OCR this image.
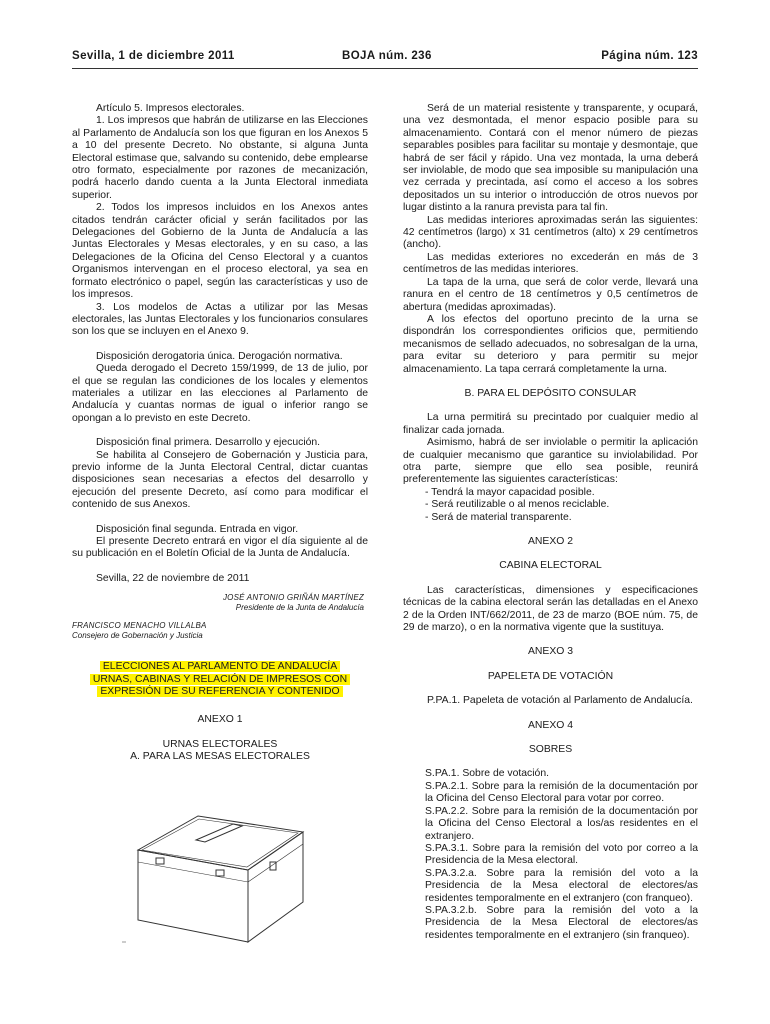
Sevilla, 1 de diciembre 2011	BOJA núm. 236	Página núm. 123

Artículo 5. Impresos electorales.

1. Los impresos que habrán de utilizarse en las Elecciones al Parlamento de Andalucía son los que figuran en los Anexos 5 a 10 del presente Decreto. No obstante, si alguna Junta Electoral estimase que, salvando su contenido, debe emplearse otro formato, especialmente por razones de mecanización, podrá hacerlo dando cuenta a la Junta Electoral inmediata superior.

2. Todos los impresos incluidos en los Anexos antes citados tendrán carácter oficial y serán facilitados por las Delegaciones del Gobierno de la Junta de Andalucía a las Juntas Electorales y Mesas electorales, y en su caso, a las Delegaciones de la Oficina del Censo Electoral y a cuantos Organismos intervengan en el proceso electoral, ya sea en formato electrónico o papel, según las características y uso de los impresos.

3. Los modelos de Actas a utilizar por las Mesas electorales, las Juntas Electorales y los funcionarios consulares son los que se incluyen en el Anexo 9.

Disposición derogatoria única. Derogación normativa.

Queda derogado el Decreto 159/1999, de 13 de julio, por el que se regulan las condiciones de los locales y elementos materiales a utilizar en las elecciones al Parlamento de Andalucía y cuantas normas de igual o inferior rango se opongan a lo previsto en este Decreto.

Disposición final primera. Desarrollo y ejecución.

Se habilita al Consejero de Gobernación y Justicia para, previo informe de la Junta Electoral Central, dictar cuantas disposiciones sean necesarias a efectos del desarrollo y ejecución del presente Decreto, así como para modificar el contenido de sus Anexos.

Disposición final segunda. Entrada en vigor.

El presente Decreto entrará en vigor el día siguiente al de su publicación en el Boletín Oficial de la Junta de Andalucía.

Sevilla, 22 de noviembre de 2011

JOSÉ ANTONIO GRIÑÁN MARTÍNEZ
Presidente de la Junta de Andalucía
FRANCISCO MENACHO VILLALBA
Consejero de Gobernación y Justicia
ELECCIONES AL PARLAMENTO DE ANDALUCÍA
URNAS, CABINAS Y RELACIÓN DE IMPRESOS CON
EXPRESIÓN DE SU REFERENCIA Y CONTENIDO

ANEXO 1

URNAS ELECTORALES

A. PARA LAS MESAS ELECTORALES

Será de un material resistente y transparente, y ocupará, una vez desmontada, el menor espacio posible para su almacenamiento. Contará con el menor número de piezas separables posibles para facilitar su montaje y desmontaje, que habrá de ser fácil y rápido. Una vez montada, la urna deberá ser inviolable, de modo que sea imposible su manipulación una vez cerrada y precintada, así como el acceso a los sobres depositados un su interior o introducción de otros nuevos por lugar distinto a la ranura prevista para tal fin.

Las medidas interiores aproximadas serán las siguientes: 42 centímetros (largo) x 31 centímetros (alto) x 29 centímetros (ancho).

Las medidas exteriores no excederán en más de 3 centímetros de las medidas interiores.

La tapa de la urna, que será de color verde, llevará una ranura en el centro de 18 centímetros y 0,5 centímetros de abertura (medidas aproximadas).

A los efectos del oportuno precinto de la urna se dispondrán los correspondientes orificios que, permitiendo mecanismos de sellado adecuados, no sobresalgan de la urna, para evitar su deterioro y para permitir su mejor almacenamiento. La tapa cerrará completamente la urna.

B. PARA EL DEPÓSITO CONSULAR

La urna permitirá su precintado por cualquier medio al finalizar cada jornada.

Asimismo, habrá de ser inviolable o permitir la aplicación de cualquier mecanismo que garantice su inviolabilidad. Por otra parte, siempre que ello sea posible, reunirá preferentemente las siguientes características:

- Tendrá la mayor capacidad posible.

- Será reutilizable o al menos reciclable.

- Será de material transparente.

ANEXO 2

CABINA ELECTORAL

Las características, dimensiones y especificaciones técnicas de la cabina electoral serán las detalladas en el Anexo 2 de la Orden INT/662/2011, de 23 de marzo (BOE núm. 75, de 29 de marzo), o en la normativa vigente que la sustituya.

ANEXO 3

PAPELETA DE VOTACIÓN

P.PA.1. Papeleta de votación al Parlamento de Andalucía.

ANEXO 4

SOBRES

S.PA.1. Sobre de votación.

S.PA.2.1. Sobre para la remisión de la documentación por la Oficina del Censo Electoral para votar por correo.

S.PA.2.2. Sobre para la remisión de la documentación por la Oficina del Censo Electoral a los/as residentes en el extranjero.

S.PA.3.1. Sobre para la remisión del voto por correo a la Presidencia de la Mesa electoral.

S.PA.3.2.a. Sobre para la remisión del voto a la Presidencia de la Mesa electoral de electores/as residentes temporalmente en el extranjero (con franqueo).

S.PA.3.2.b. Sobre para la remisión del voto a la Presidencia de la Mesa Electoral de electores/as residentes temporalmente en el extranjero (sin franqueo).
